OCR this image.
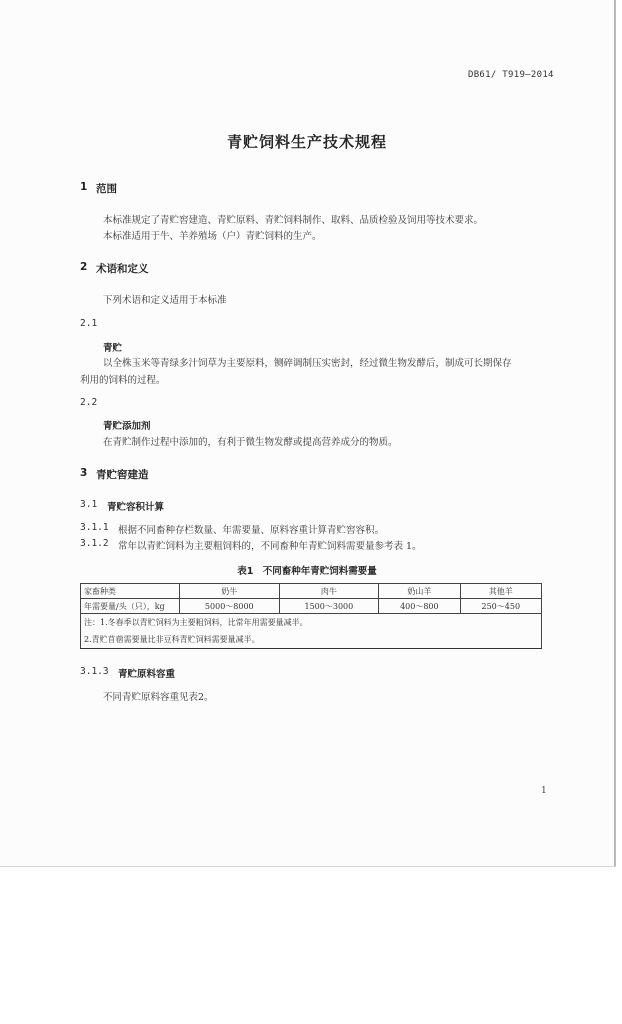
DB61/ T919—2014
青贮饲料生产技术规程
1 范围
本标准规定了青贮窖建造、青贮原料、青贮饲料制作、取料、品质检验及饲用等技术要求。
本标准适用于牛、羊养殖场（户）青贮饲料的生产。
2 术语和定义
下列术语和定义适用于本标准
2.1
青贮
以全株玉米等青绿多汁饲草为主要原料，铡碎调制压实密封，经过微生物发酵后，制成可长期保存
利用的饲料的过程。
2.2
青贮添加剂
在青贮制作过程中添加的，有利于微生物发酵或提高营养成分的物质。
3 青贮窖建造
3.1 青贮容积计算
3.1.1 根据不同畜种存栏数量、年需要量、原料容重计算青贮窖容积。
3.1.2 常年以青贮饲料为主要粗饲料的，不同畜种年青贮饲料需要量参考表 1。
表1　不同畜种年青贮饲料需要量
家畜种类	奶牛	肉牛	奶山羊	其他羊
年需要量/头（只），kg	5000～8000	1500～3000	400～800	250～450
注：1.冬春季以青贮饲料为主要粗饲料，比常年用需要量减半。				
2.青贮苜蓿需要量比非豆科青贮饲料需要量减半。				
3.1.3 青贮原料容重
不同青贮原料容重见表2。
1
